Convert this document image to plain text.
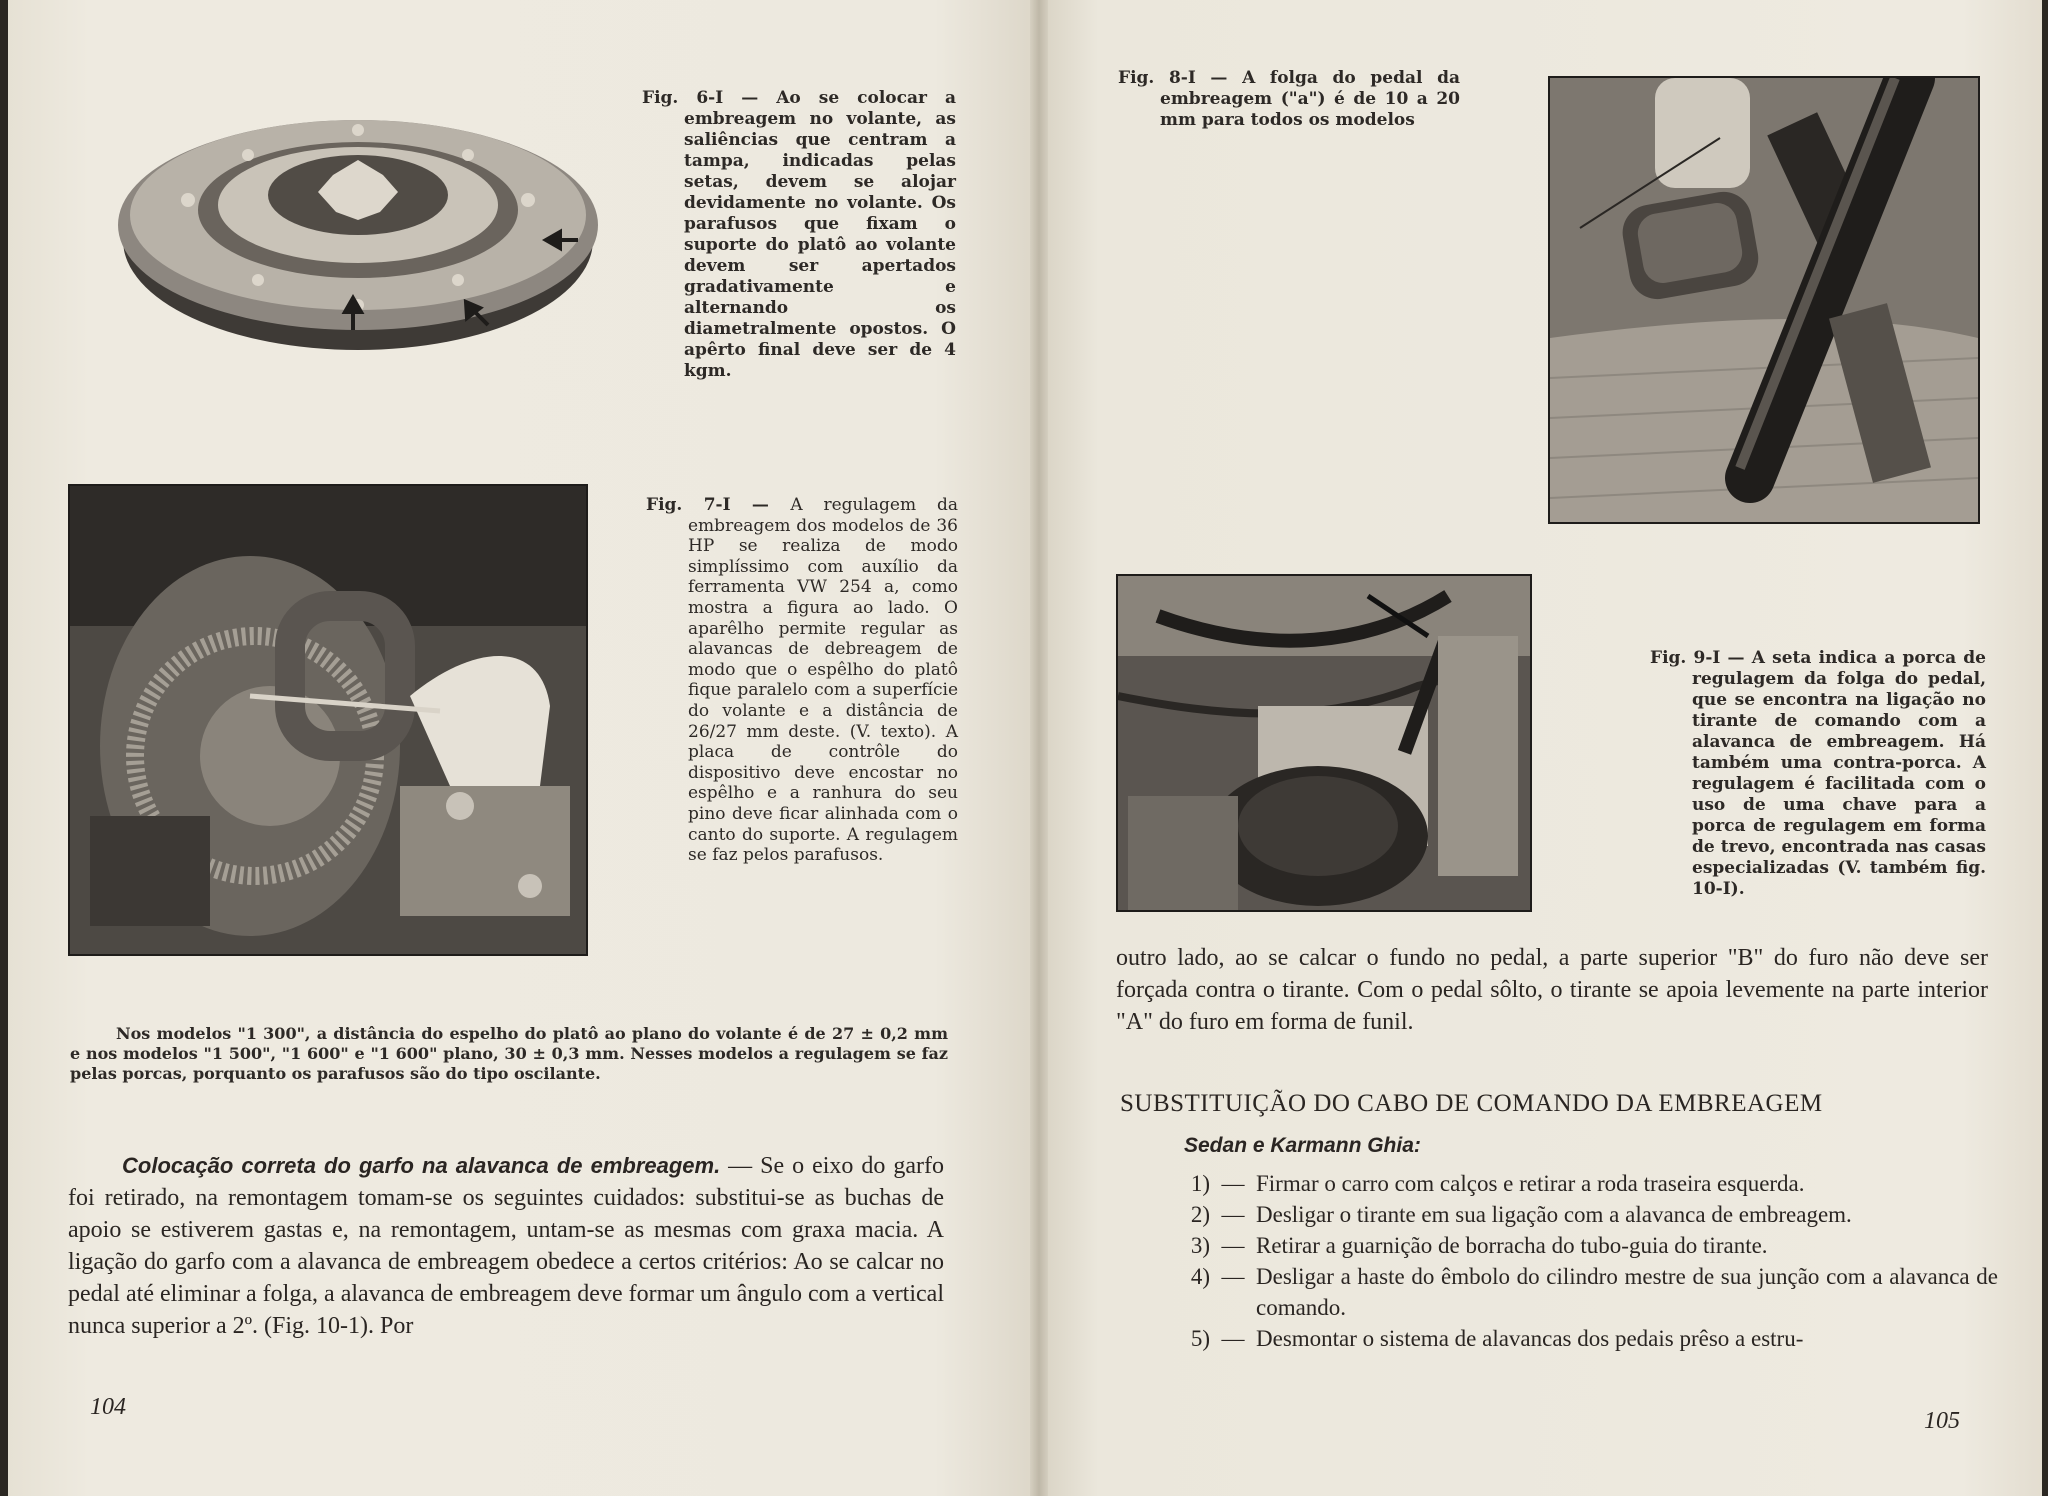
Fig. 6-I — Ao se colocar a embreagem no volante, as saliências que centram a tampa, indicadas pelas setas, devem se alojar devidamente no volante. Os parafusos que fixam o suporte do platô ao volante devem ser apertados gradativamente e alternando os diametralmente opostos. O apêrto final deve ser de 4 kgm.
Fig. 7-I — A regulagem da embreagem dos modelos de 36 HP se realiza de modo simplíssimo com auxílio da ferramenta VW 254 a, como mostra a figura ao lado. O aparêlho permite regular as alavancas de debreagem de modo que o espêlho do platô fique paralelo com a superfície do volante e a distância de 26/27 mm deste. (V. texto). A placa de contrôle do dispositivo deve encostar no espêlho e a ranhura do seu pino deve ficar alinhada com o canto do suporte. A regulagem se faz pelos parafusos.
Nos modelos "1 300", a distância do espelho do platô ao plano do volante é de 27 ± 0,2 mm e nos modelos "1 500", "1 600" e "1 600" plano, 30 ± 0,3 mm. Nesses modelos a regulagem se faz pelas porcas, porquanto os parafusos são do tipo oscilante.
Colocação correta do garfo na alavanca de embreagem. — Se o eixo do garfo foi retirado, na remontagem tomam-se os seguintes cuidados: substitui-se as buchas de apoio se estiverem gastas e, na remontagem, untam-se as mesmas com graxa macia. A ligação do garfo com a alavanca de embreagem obedece a certos critérios: Ao se calcar no pedal até eliminar a folga, a alavanca de embreagem deve formar um ângulo com a vertical nunca superior a 2º. (Fig. 10-1). Por
104
Fig. 8-I — A folga do pedal da embreagem ("a") é de 10 a 20 mm para todos os modelos
Fig. 9-I — A seta indica a porca de regulagem da folga do pedal, que se encontra na ligação no tirante de comando com a alavanca de embreagem. Há também uma contra-porca. A regulagem é facilitada com o uso de uma chave para a porca de regulagem em forma de trevo, encontrada nas casas especializadas (V. também fig. 10-I).
outro lado, ao se calcar o fundo no pedal, a parte superior "B" do furo não deve ser forçada contra o tirante. Com o pedal sôlto, o tirante se apoia levemente na parte interior "A" do furo em forma de funil.
SUBSTITUIÇÃO DO CABO DE COMANDO DA EMBREAGEM
Sedan e Karmann Ghia:
1) — Firmar o carro com calços e retirar a roda traseira esquerda.
2) — Desligar o tirante em sua ligação com a alavanca de embreagem.
3) — Retirar a guarnição de borracha do tubo-guia do tirante.
4) — Desligar a haste do êmbolo do cilindro mestre de sua junção com a alavanca de comando.
5) — Desmontar o sistema de alavancas dos pedais prêso a estru-
105
